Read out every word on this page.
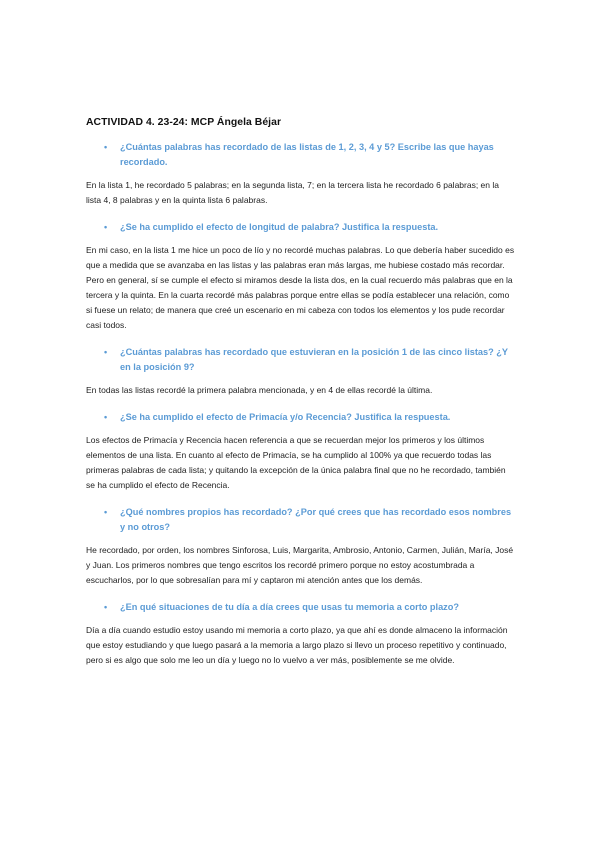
ACTIVIDAD 4. 23-24: MCP Ángela Béjar
• ¿Cuántas palabras has recordado de las listas de 1, 2, 3, 4 y 5? Escribe las que hayas recordado.
En la lista 1, he recordado 5 palabras; en la segunda lista, 7; en la tercera lista he recordado 6 palabras; en la lista 4, 8 palabras y en la quinta lista 6 palabras.
• ¿Se ha cumplido el efecto de longitud de palabra? Justifica la respuesta.
En mi caso, en la lista 1 me hice un poco de lío y no recordé muchas palabras. Lo que debería haber sucedido es que a medida que se avanzaba en las listas y las palabras eran más largas, me hubiese costado más recordar. Pero en general, sí se cumple el efecto si miramos desde la lista dos, en la cual recuerdo más palabras que en la tercera y la quinta. En la cuarta recordé más palabras porque entre ellas se podía establecer una relación, como si fuese un relato; de manera que creé un escenario en mi cabeza con todos los elementos y los pude recordar casi todos.
• ¿Cuántas palabras has recordado que estuvieran en la posición 1 de las cinco listas? ¿Y en la posición 9?
En todas las listas recordé la primera palabra mencionada, y en 4 de ellas recordé la última.
• ¿Se ha cumplido el efecto de Primacía y/o Recencia? Justifica la respuesta.
Los efectos de Primacía y Recencia hacen referencia a que se recuerdan mejor los primeros y los últimos elementos de una lista. En cuanto al efecto de Primacía, se ha cumplido al 100% ya que recuerdo todas las primeras palabras de cada lista; y quitando la excepción de la única palabra final que no he recordado, también se ha cumplido el efecto de Recencia.
• ¿Qué nombres propios has recordado? ¿Por qué crees que has recordado esos nombres y no otros?
He recordado, por orden, los nombres Sinforosa, Luis, Margarita, Ambrosio, Antonio, Carmen, Julián, María, José y Juan. Los primeros nombres que tengo escritos los recordé primero porque no estoy acostumbrada a escucharlos, por lo que sobresalían para mí y captaron mi atención antes que los demás.
• ¿En qué situaciones de tu día a día crees que usas tu memoria a corto plazo?
Día a día cuando estudio estoy usando mi memoria a corto plazo, ya que ahí es donde almaceno la información que estoy estudiando y que luego pasará a la memoria a largo plazo si llevo un proceso repetitivo y continuado, pero si es algo que solo me leo un día y luego no lo vuelvo a ver más, posiblemente se me olvide.
